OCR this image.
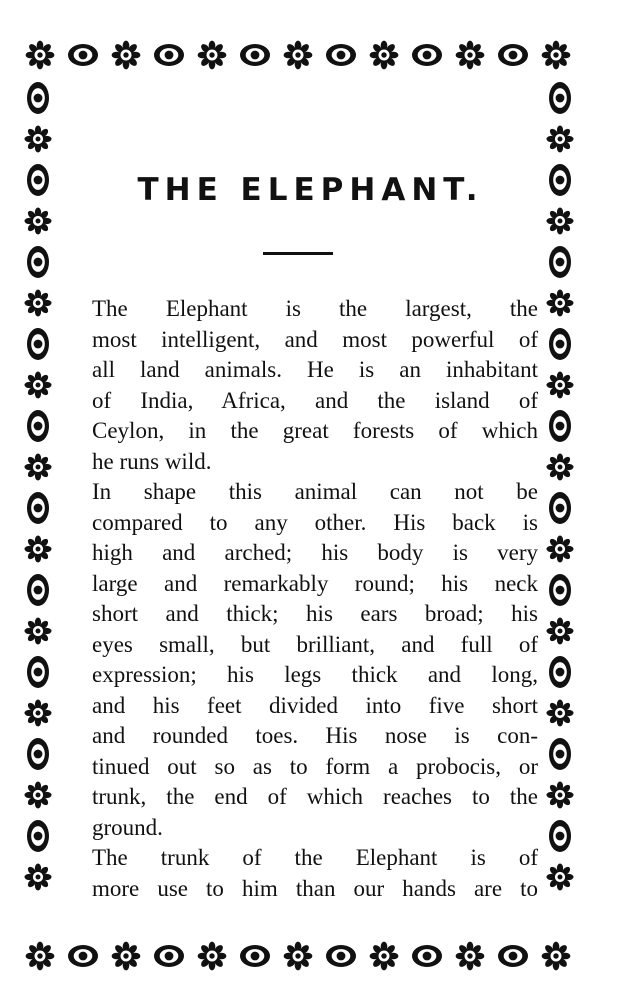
THE ELEPHANT.

The Elephant is the largest, the
most intelligent, and most powerful of
all land animals. He is an inhabitant
of India, Africa, and the island of
Ceylon, in the great forests of which
he runs wild.

In shape this animal can not be
compared to any other. His back is
high and arched; his body is very
large and remarkably round; his neck
short and thick; his ears broad; his
eyes small, but brilliant, and full of
expression; his legs thick and long,
and his feet divided into five short
and rounded toes. His nose is con-
tinued out so as to form a probocis, or
trunk, the end of which reaches to the
ground.

The trunk of the Elephant is of
more use to him than our hands are to
